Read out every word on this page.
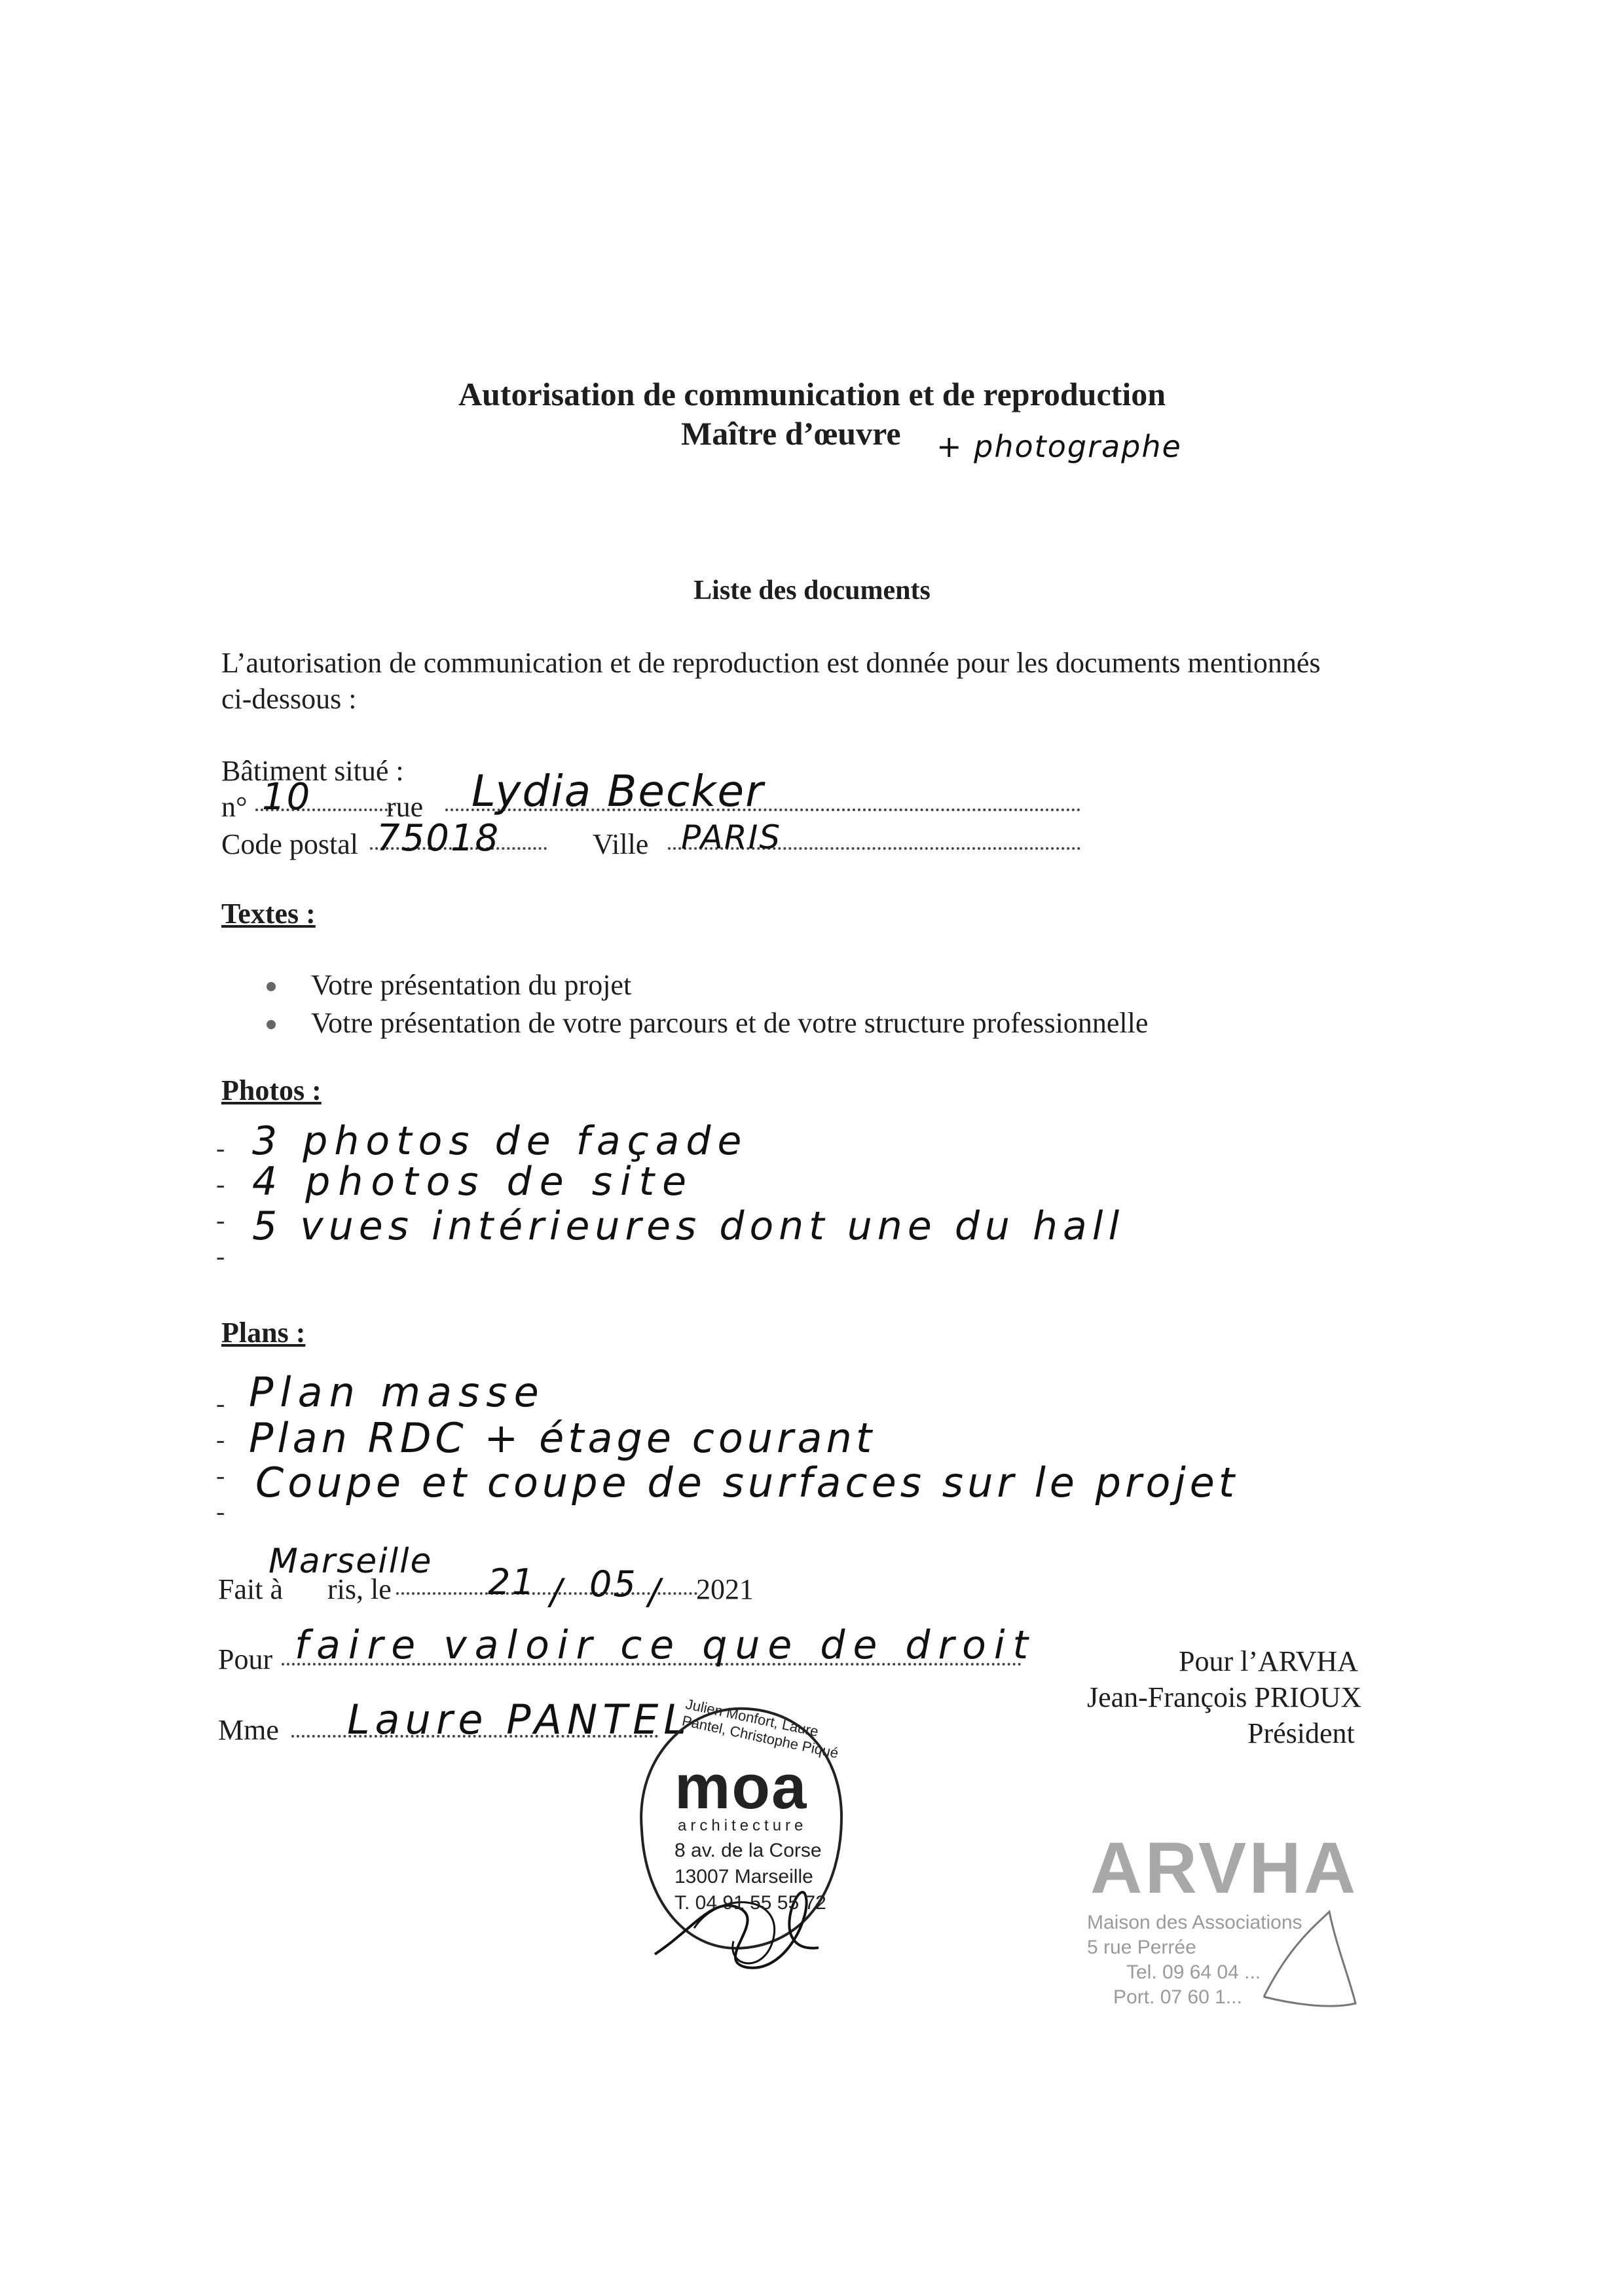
Autorisation de communication et de reproduction
Maître d’œuvre + photographe
Liste des documents
L’autorisation de communication et de reproduction est donnée pour les documents mentionnés
ci-dessous :
Bâtiment situé :
n° 10	rue Lydia Becker
Code postal 75018	Ville PARIS
Textes :
Votre présentation du projet
Votre présentation de votre parcours et de votre structure professionnelle
Photos :
- 3 photos de façade
- 4 photos de site
- 5 vues intérieures dont une du hall
-
Plans :
- Plan masse
- Plan RDC + étage courant
- Coupe et coupe de surfaces sur le projet
-
Marseille
Fait à ris, le	21 / 05 / 2021
Pour faire valoir ce que de droit
Mme Laure PANTEL
Pour l’ARVHA
Jean-François PRIOUX
Président
moa
architecture
8 av. de la Corse
13007 Marseille
T. 04 91 55 55 72
Julien Monfort, Laure Pantel, Christophe Piqué
ARVHA
Maison des Associations
5 rue Perrée
Tel. 09 64 04 ...
Port. 07 60 1...
